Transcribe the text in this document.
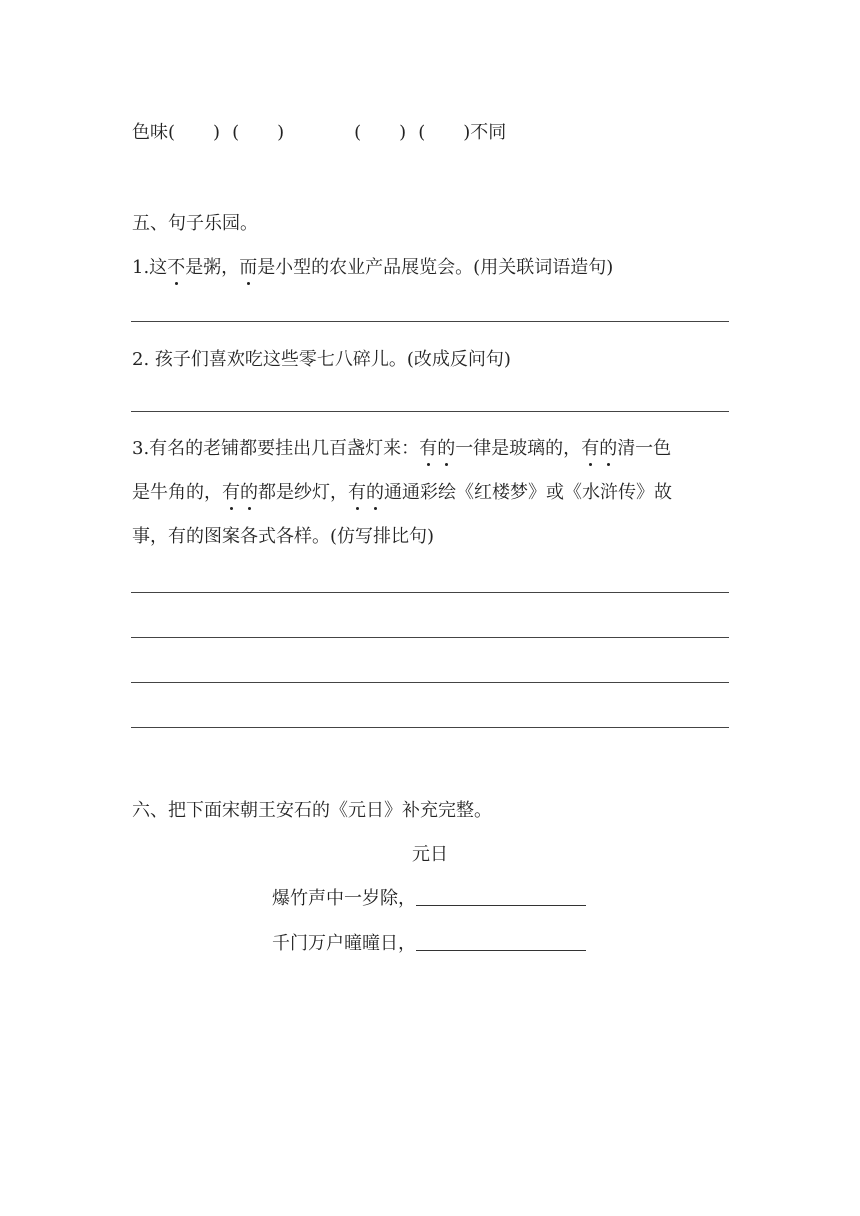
色味( ) ( )	( ) ( )不同
五、句子乐园。
1.这不是粥，而是小型的农业产品展览会。(用关联词语造句)
2. 孩子们喜欢吃这些零七八碎儿。(改成反问句)
3.有名的老铺都要挂出几百盏灯来：有的一律是玻璃的，有的清一色
是牛角的，有的都是纱灯，有的通通彩绘《红楼梦》或《水浒传》故
事，有的图案各式各样。(仿写排比句)
六、把下面宋朝王安石的《元日》补充完整。
元日
爆竹声中一岁除，
千门万户曈曈日，
